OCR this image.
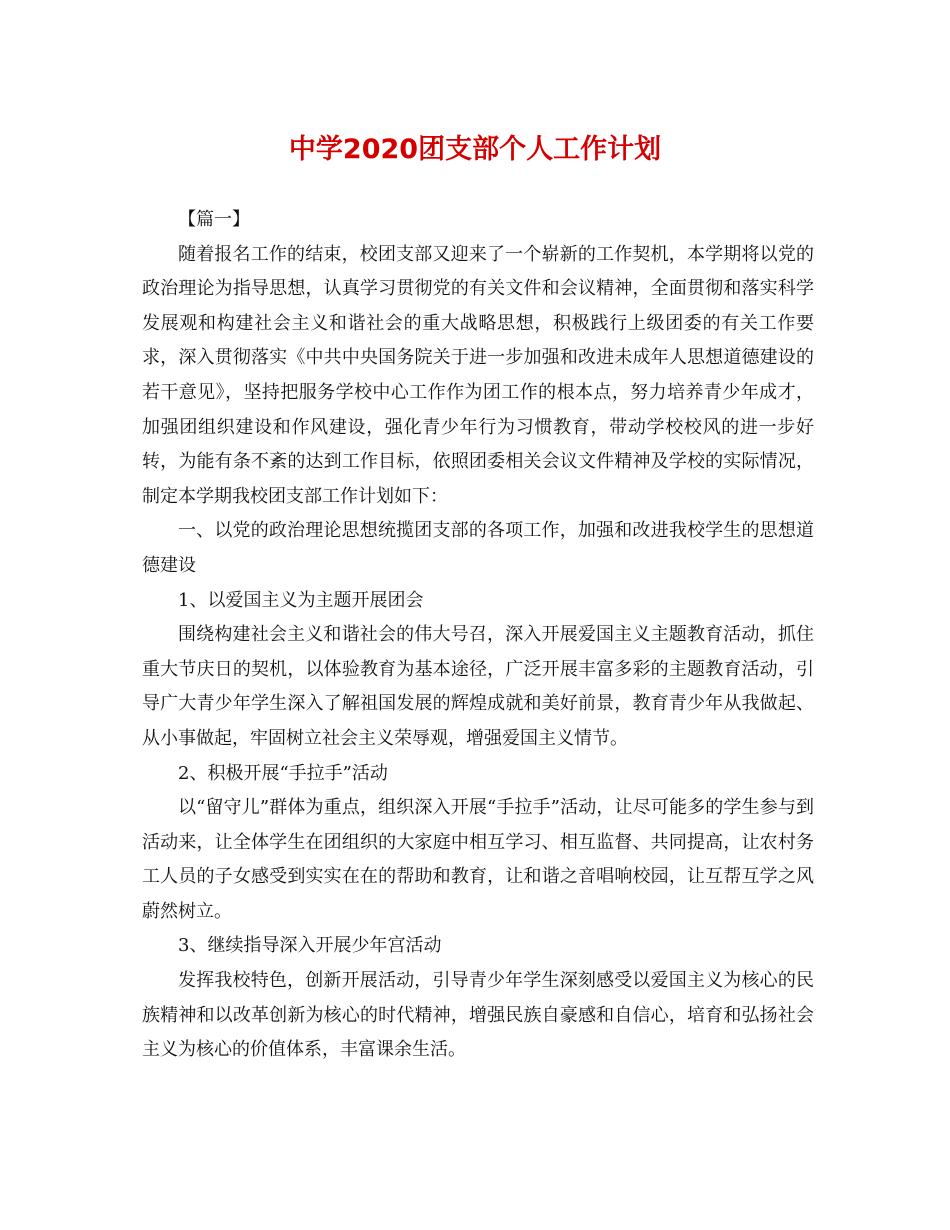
中学2020团支部个人工作计划

【篇一】

随着报名工作的结束，校团支部又迎来了一个崭新的工作契机，本学期将以党的政治理论为指导思想，认真学习贯彻党的有关文件和会议精神，全面贯彻和落实科学发展观和构建社会主义和谐社会的重大战略思想，积极践行上级团委的有关工作要求，深入贯彻落实《中共中央国务院关于进一步加强和改进未成年人思想道德建设的若干意见》，坚持把服务学校中心工作作为团工作的根本点，努力培养青少年成才，加强团组织建设和作风建设，强化青少年行为习惯教育，带动学校校风的进一步好转，为能有条不紊的达到工作目标，依照团委相关会议文件精神及学校的实际情况，制定本学期我校团支部工作计划如下：

一、以党的政治理论思想统揽团支部的各项工作，加强和改进我校学生的思想道德建设

1、以爱国主义为主题开展团会

围绕构建社会主义和谐社会的伟大号召，深入开展爱国主义主题教育活动，抓住重大节庆日的契机，以体验教育为基本途径，广泛开展丰富多彩的主题教育活动，引导广大青少年学生深入了解祖国发展的辉煌成就和美好前景，教育青少年从我做起、从小事做起，牢固树立社会主义荣辱观，增强爱国主义情节。

2、积极开展“手拉手”活动

以“留守儿”群体为重点，组织深入开展“手拉手”活动，让尽可能多的学生参与到活动来，让全体学生在团组织的大家庭中相互学习、相互监督、共同提高，让农村务工人员的子女感受到实实在在的帮助和教育，让和谐之音唱响校园，让互帮互学之风蔚然树立。

3、继续指导深入开展少年宫活动

发挥我校特色，创新开展活动，引导青少年学生深刻感受以爱国主义为核心的民族精神和以改革创新为核心的时代精神，增强民族自豪感和自信心，培育和弘扬社会主义为核心的价值体系，丰富课余生活。
